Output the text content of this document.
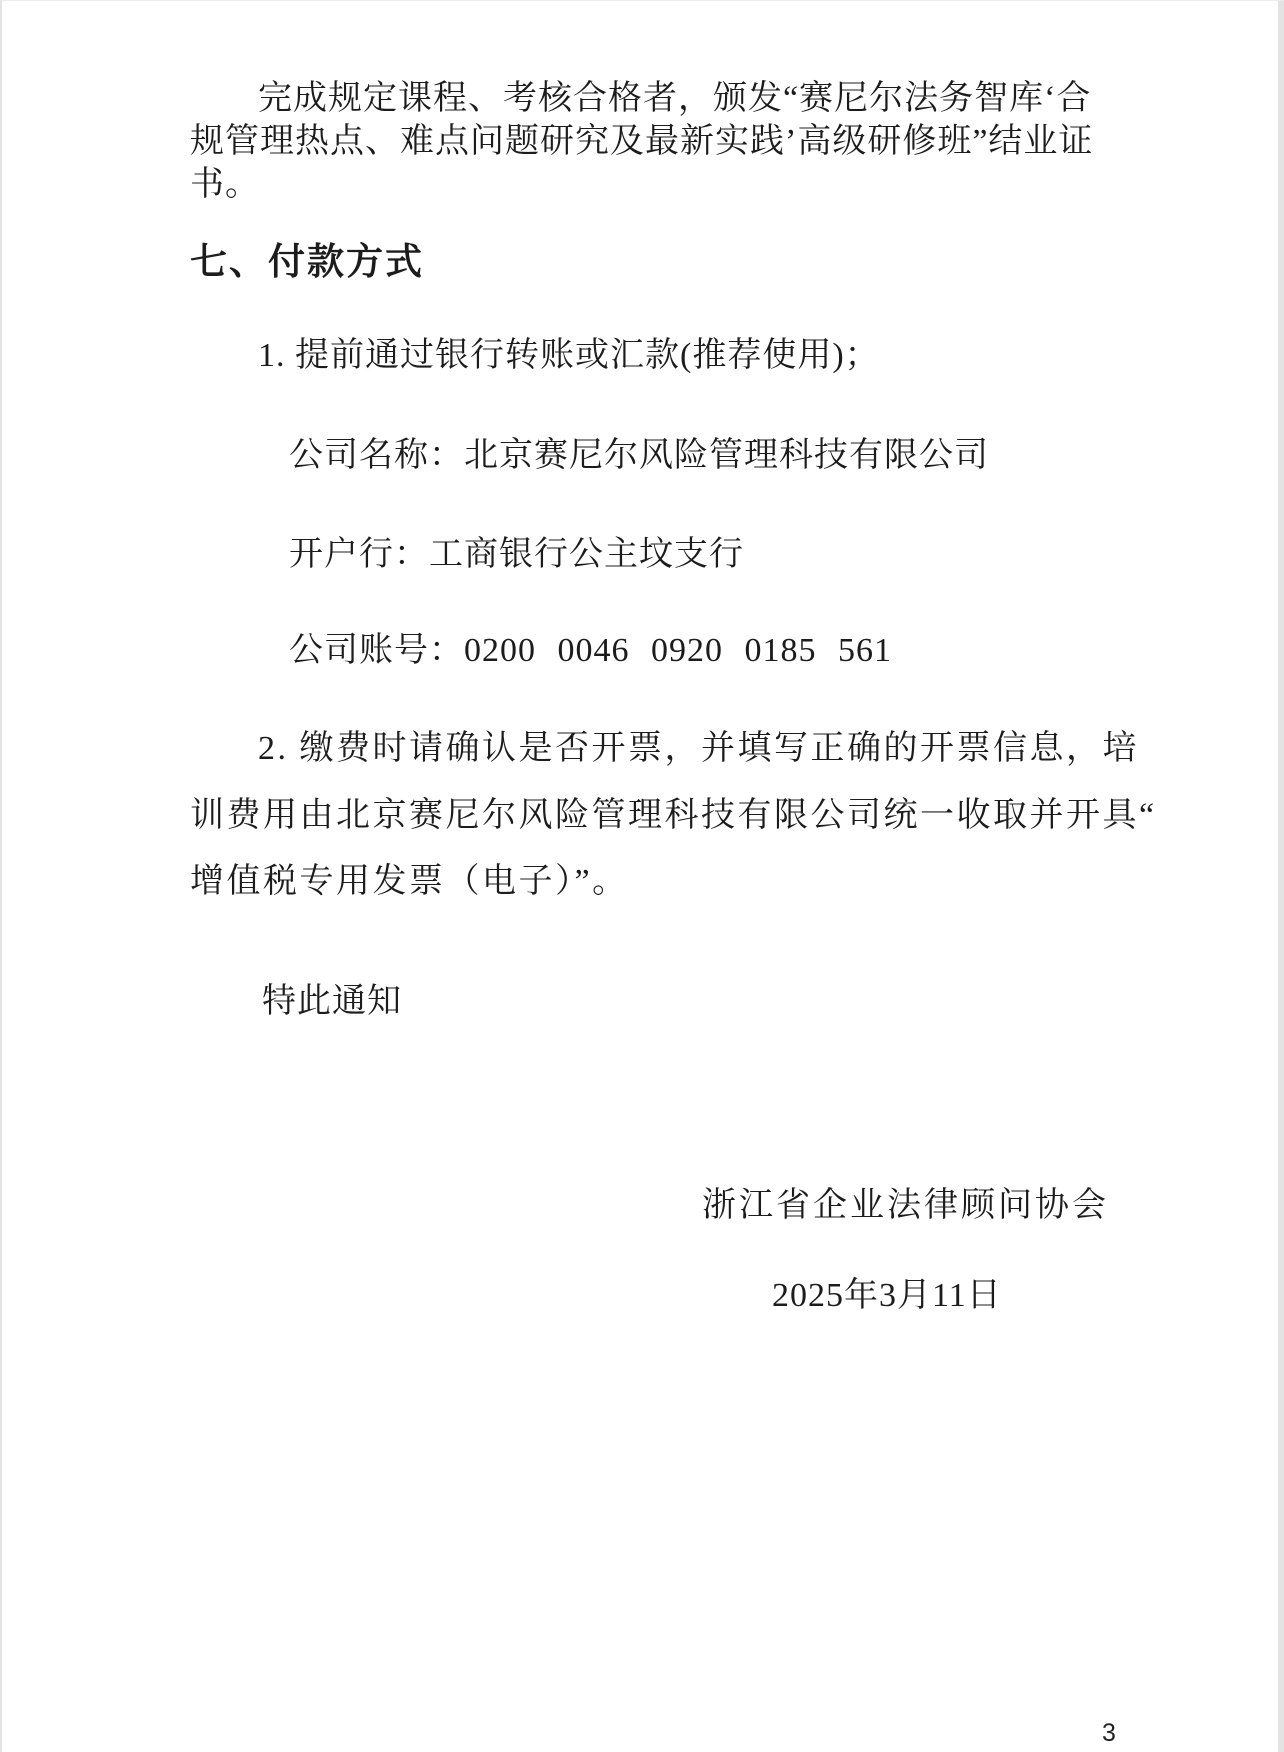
完成规定课程、考核合格者，颁发“赛尼尔法务智库‘合
规管理热点、难点问题研究及最新实践’高级研修班”结业证
书。
七、付款方式
1. 提前通过银行转账或汇款(推荐使用)；
公司名称：北京赛尼尔风险管理科技有限公司
开户行：工商银行公主坟支行
公司账号：0200 0046 0920 0185 561
2. 缴费时请确认是否开票，并填写正确的开票信息，培
训费用由北京赛尼尔风险管理科技有限公司统一收取并开具“
增值税专用发票（电子）”。
特此通知
浙江省企业法律顾问协会
2025年3月11日
3
